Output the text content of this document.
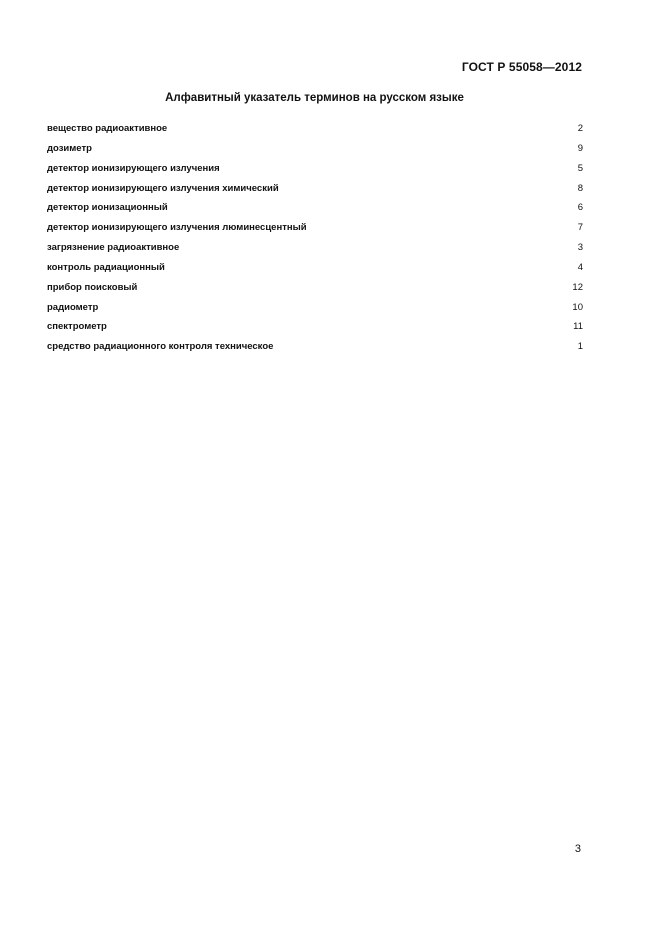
ГОСТ Р 55058—2012
Алфавитный указатель терминов на русском языке
вещество радиоактивное	2
дозиметр	9
детектор ионизирующего излучения	5
детектор ионизирующего излучения химический	8
детектор ионизационный	6
детектор ионизирующего излучения люминесцентный	7
загрязнение радиоактивное	3
контроль радиационный	4
прибор поисковый	12
радиометр	10
спектрометр	11
средство радиационного контроля техническое	1
3
